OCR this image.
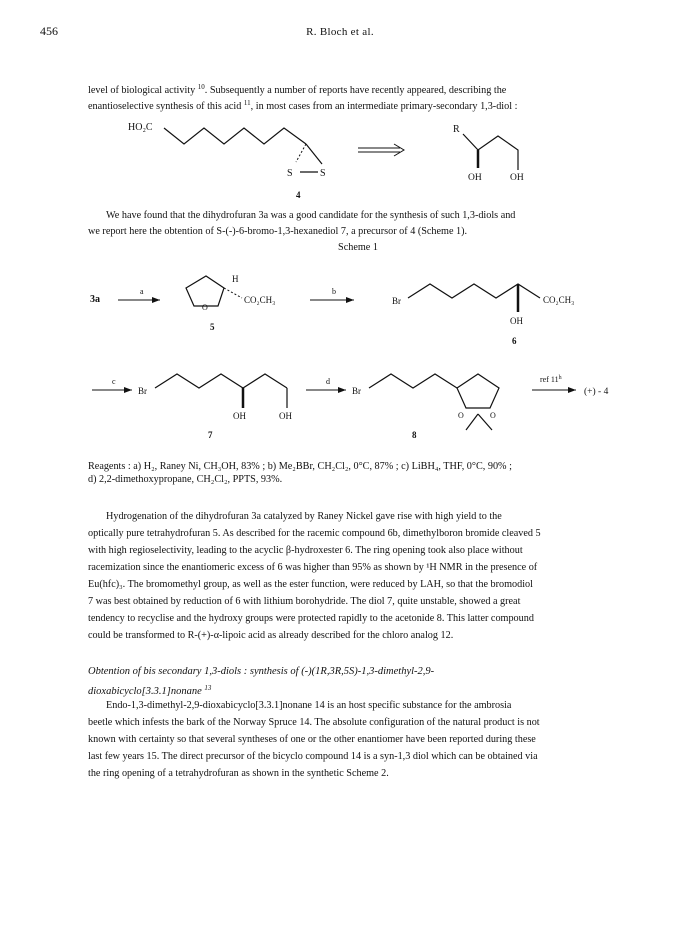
456	R. Bloch et al.
level of biological activity $^{10}$. Subsequently a number of reports have recently appeared, describing the
enantioselective synthesis of this acid $^{11}$, in most cases from an intermediate primary-secondary 1,3-diol :
HO₂C
S	S
R
OH	OH
4
We have found that the dihydrofuran 3a was a good candidate for the synthesis of such 1,3-diols and
we report here the obtention of S-(-)-6-bromo-1,3-hexanediol 7, a precursor of 4 (Scheme 1).
Scheme 1
3a
a
O
H
CO₂CH₃
5
b
Br
OH
CO₂CH₃
6
c
Br
OH	OH
7
d
Br
O	O
8
ref 11$^h$
(+) - 4
Reagents : a) H₂, Raney Ni, CH₃OH, 83% ; b) Me₂BBr, CH₂Cl₂, 0°C, 87% ; c) LiBH₄, THF, 0°C, 90% ;
d) 2,2-dimethoxypropane, CH₂Cl₂, PPTS, 93%.
Hydrogenation of the dihydrofuran 3a catalyzed by Raney Nickel gave rise with high yield to the
optically pure tetrahydrofuran 5. As described for the racemic compound 6b, dimethylboron bromide cleaved 5
with high regioselectivity, leading to the acyclic β-hydroxester 6. The ring opening took also place without
racemization since the enantiomeric excess of 6 was higher than 95% as shown by ¹H NMR in the presence of
Eu(hfc)₃. The bromomethyl group, as well as the ester function, were reduced by LAH, so that the bromodiol
7 was best obtained by reduction of 6 with lithium borohydride. The diol 7, quite unstable, showed a great
tendency to recyclise and the hydroxy groups were protected rapidly to the acetonide 8. This latter compound
could be transformed to R-(+)-α-lipoic acid as already described for the chloro analog 12.
Obtention of bis secondary 1,3-diols : synthesis of (-)(1R,3R,5S)-1,3-dimethyl-2,9-
dioxabicyclo[3.3.1]nonane $^{13}$
Endo-1,3-dimethyl-2,9-dioxabicyclo[3.3.1]nonane 14 is an host specific substance for the ambrosia
beetle which infests the bark of the Norway Spruce 14. The absolute configuration of the natural product is not
known with certainty so that several syntheses of one or the other enantiomer have been reported during these
last few years 15. The direct precursor of the bicyclo compound 14 is a syn-1,3 diol which can be obtained via
the ring opening of a tetrahydrofuran as shown in the synthetic Scheme 2.
